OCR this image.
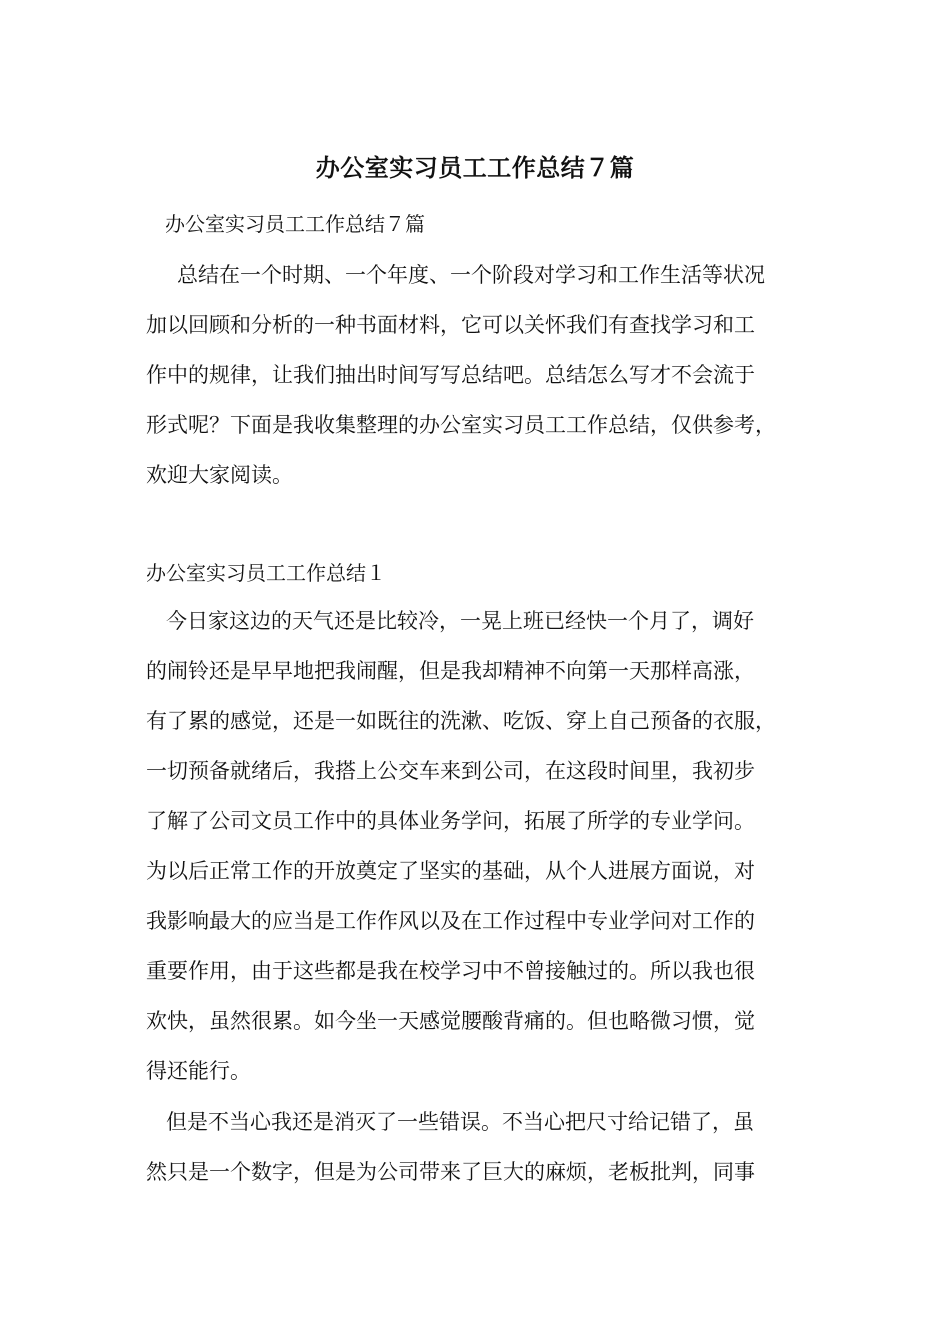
办公室实习员工工作总结７篇
办公室实习员工工作总结７篇
　总结在一个时期、一个年度、一个阶段对学习和工作生活等状况
加以回顾和分析的一种书面材料，它可以关怀我们有查找学习和工
作中的规律，让我们抽出时间写写总结吧。总结怎么写才不会流于
形式呢？下面是我收集整理的办公室实习员工工作总结，仅供参考，
欢迎大家阅读。
办公室实习员工工作总结１
今日家这边的天气还是比较冷，一晃上班已经快一个月了，调好
的闹铃还是早早地把我闹醒，但是我却精神不向第一天那样高涨，
有了累的感觉，还是一如既往的洗漱、吃饭、穿上自己预备的衣服，
一切预备就绪后，我搭上公交车来到公司，在这段时间里，我初步
了解了公司文员工作中的具体业务学问，拓展了所学的专业学问。
为以后正常工作的开放奠定了坚实的基础，从个人进展方面说，对
我影响最大的应当是工作作风以及在工作过程中专业学问对工作的
重要作用，由于这些都是我在校学习中不曾接触过的。所以我也很
欢快，虽然很累。如今坐一天感觉腰酸背痛的。但也略微习惯，觉
得还能行。
但是不当心我还是消灭了一些错误。不当心把尺寸给记错了，虽
然只是一个数字，但是为公司带来了巨大的麻烦，老板批判，同事
